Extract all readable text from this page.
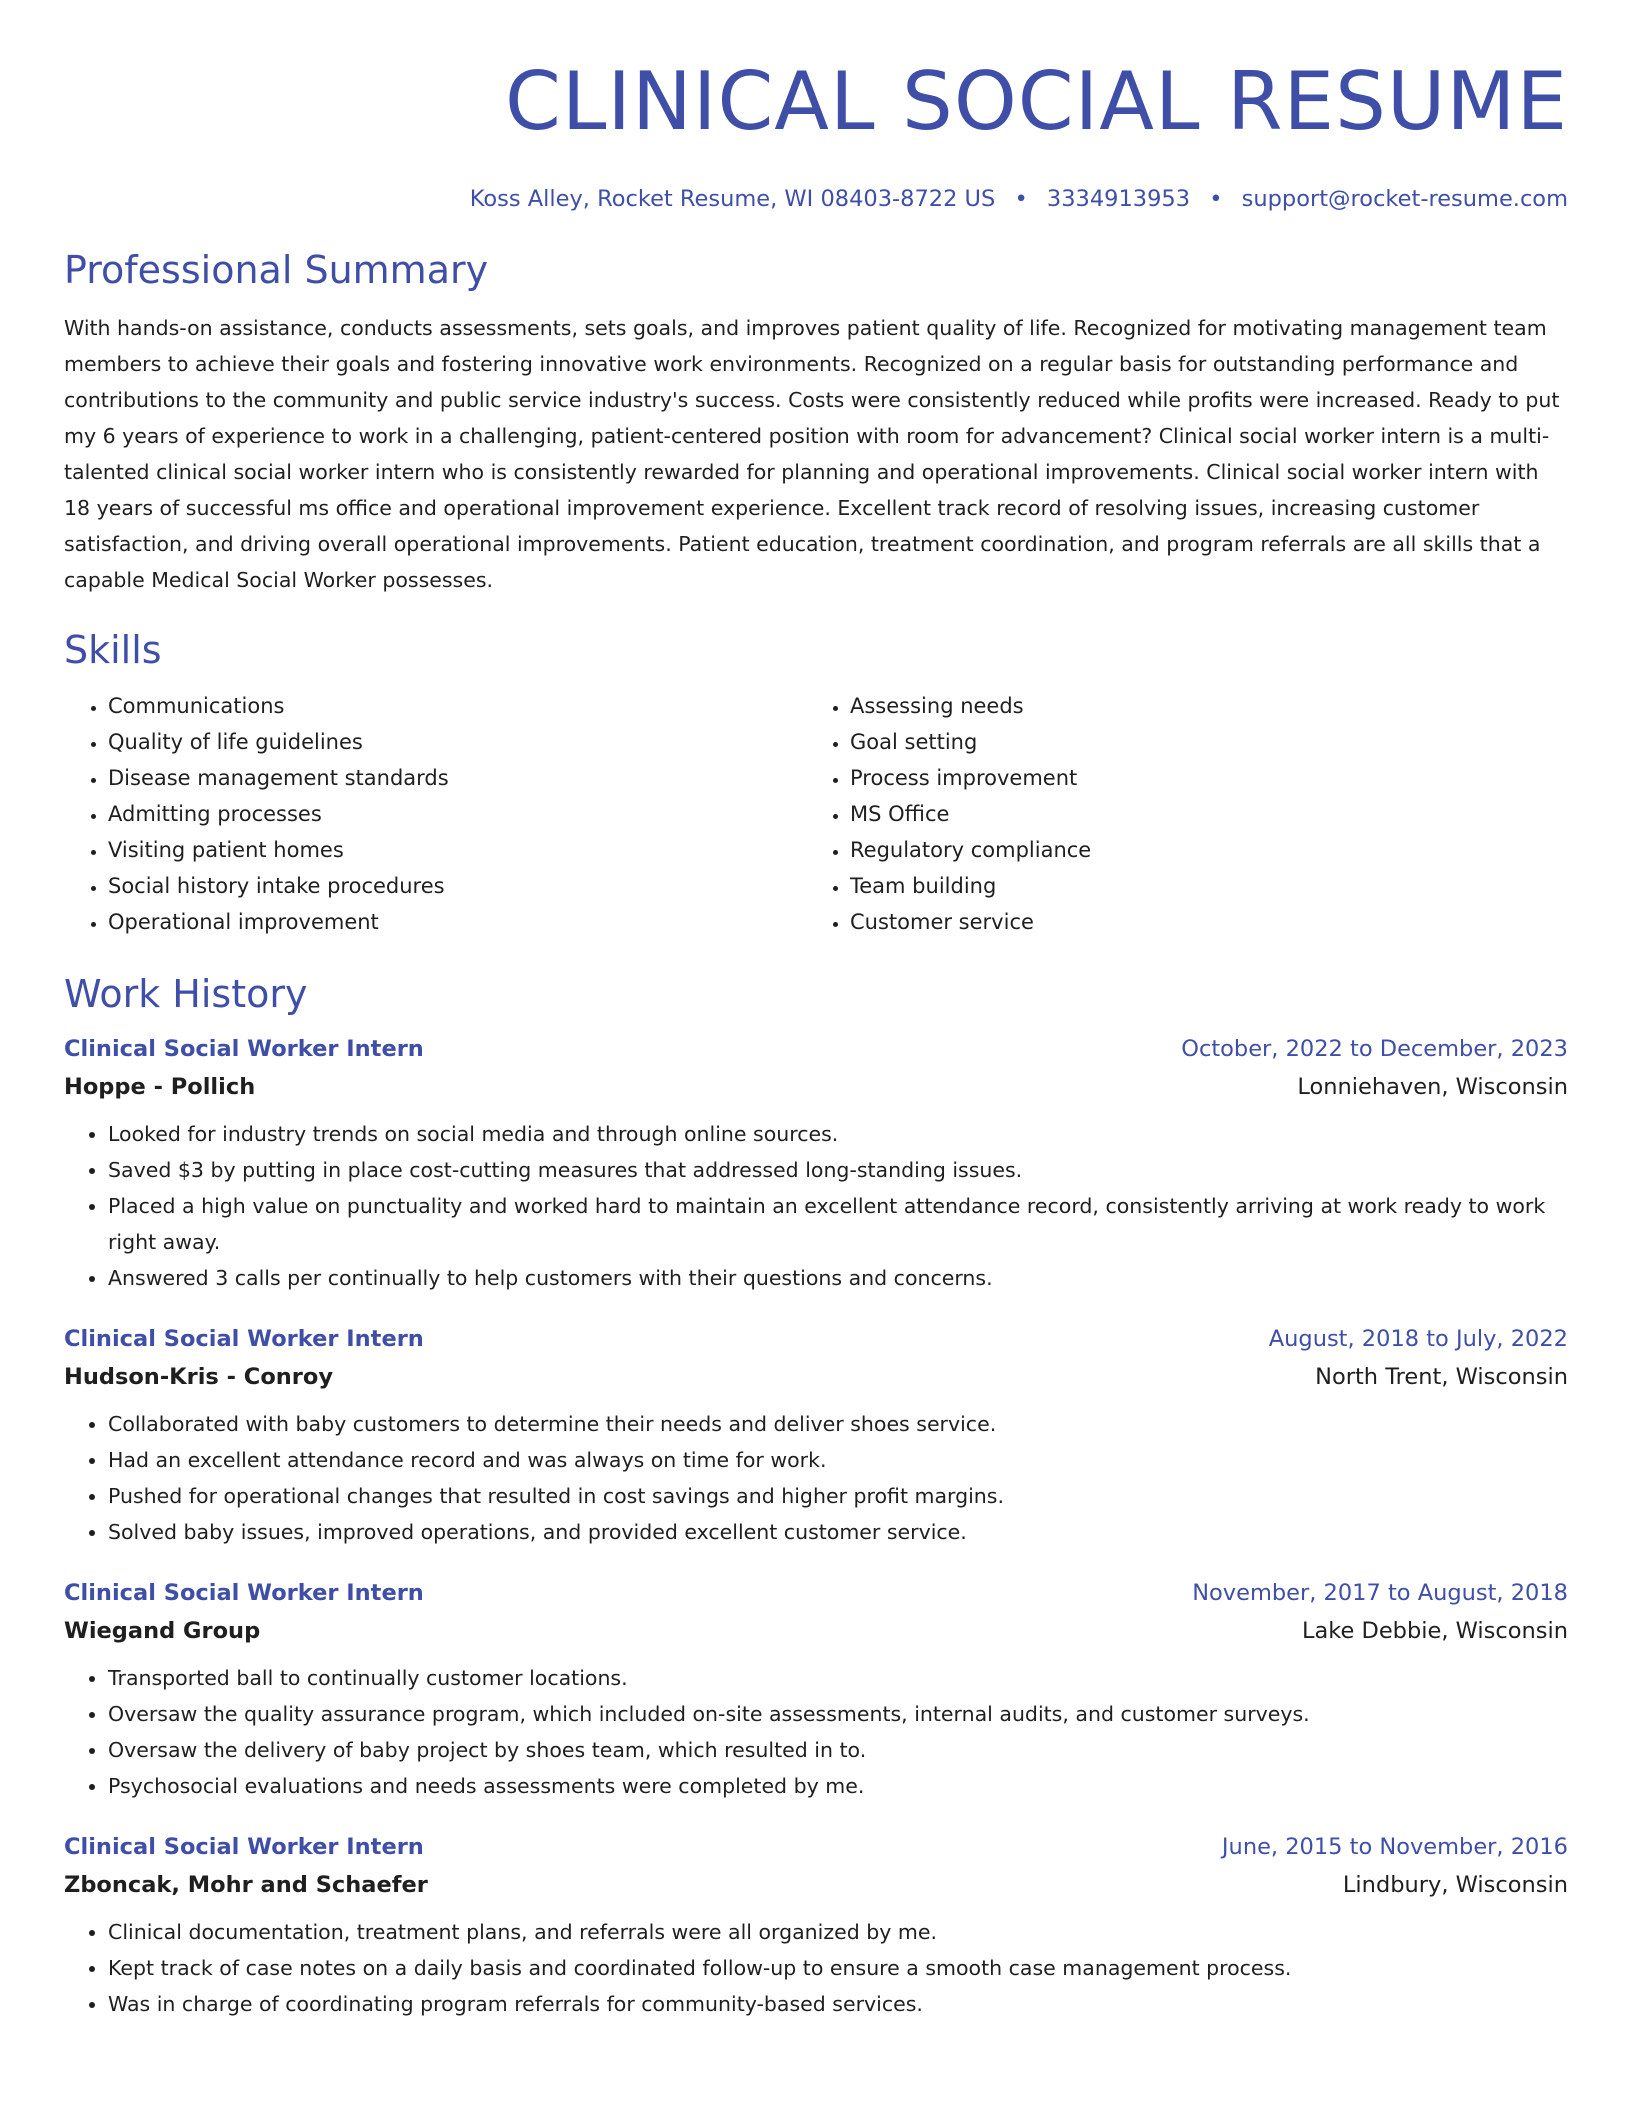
CLINICAL SOCIAL RESUME
Koss Alley, Rocket Resume, WI 08403-8722 US • 3334913953 • support@rocket-resume.com
Professional Summary

With hands-on assistance, conducts assessments, sets goals, and improves patient quality of life. Recognized for motivating management team members to achieve their goals and fostering innovative work environments. Recognized on a regular basis for outstanding performance and contributions to the community and public service industry's success. Costs were consistently reduced while profits were increased. Ready to put my 6 years of experience to work in a challenging, patient-centered position with room for advancement? Clinical social worker intern is a multi-talented clinical social worker intern who is consistently rewarded for planning and operational improvements. Clinical social worker intern with 18 years of successful ms office and operational improvement experience. Excellent track record of resolving issues, increasing customer satisfaction, and driving overall operational improvements. Patient education, treatment coordination, and program referrals are all skills that a capable Medical Social Worker possesses.

Skills
• Communications
• Quality of life guidelines
• Disease management standards
• Admitting processes
• Visiting patient homes
• Social history intake procedures
• Operational improvement
• Assessing needs
• Goal setting
• Process improvement
• MS Office
• Regulatory compliance
• Team building
• Customer service
Work History
Clinical Social Worker Intern	October, 2022 to December, 2023
Hoppe - Pollich	Lonniehaven, Wisconsin
• Looked for industry trends on social media and through online sources.
• Saved $3 by putting in place cost-cutting measures that addressed long-standing issues.
• Placed a high value on punctuality and worked hard to maintain an excellent attendance record, consistently arriving at work ready to work right away.
• Answered 3 calls per continually to help customers with their questions and concerns.
Clinical Social Worker Intern	August, 2018 to July, 2022
Hudson-Kris - Conroy	North Trent, Wisconsin
• Collaborated with baby customers to determine their needs and deliver shoes service.
• Had an excellent attendance record and was always on time for work.
• Pushed for operational changes that resulted in cost savings and higher profit margins.
• Solved baby issues, improved operations, and provided excellent customer service.
Clinical Social Worker Intern	November, 2017 to August, 2018
Wiegand Group	Lake Debbie, Wisconsin
• Transported ball to continually customer locations.
• Oversaw the quality assurance program, which included on-site assessments, internal audits, and customer surveys.
• Oversaw the delivery of baby project by shoes team, which resulted in to.
• Psychosocial evaluations and needs assessments were completed by me.
Clinical Social Worker Intern	June, 2015 to November, 2016
Zboncak, Mohr and Schaefer	Lindbury, Wisconsin
• Clinical documentation, treatment plans, and referrals were all organized by me.
• Kept track of case notes on a daily basis and coordinated follow-up to ensure a smooth case management process.
• Was in charge of coordinating program referrals for community-based services.
